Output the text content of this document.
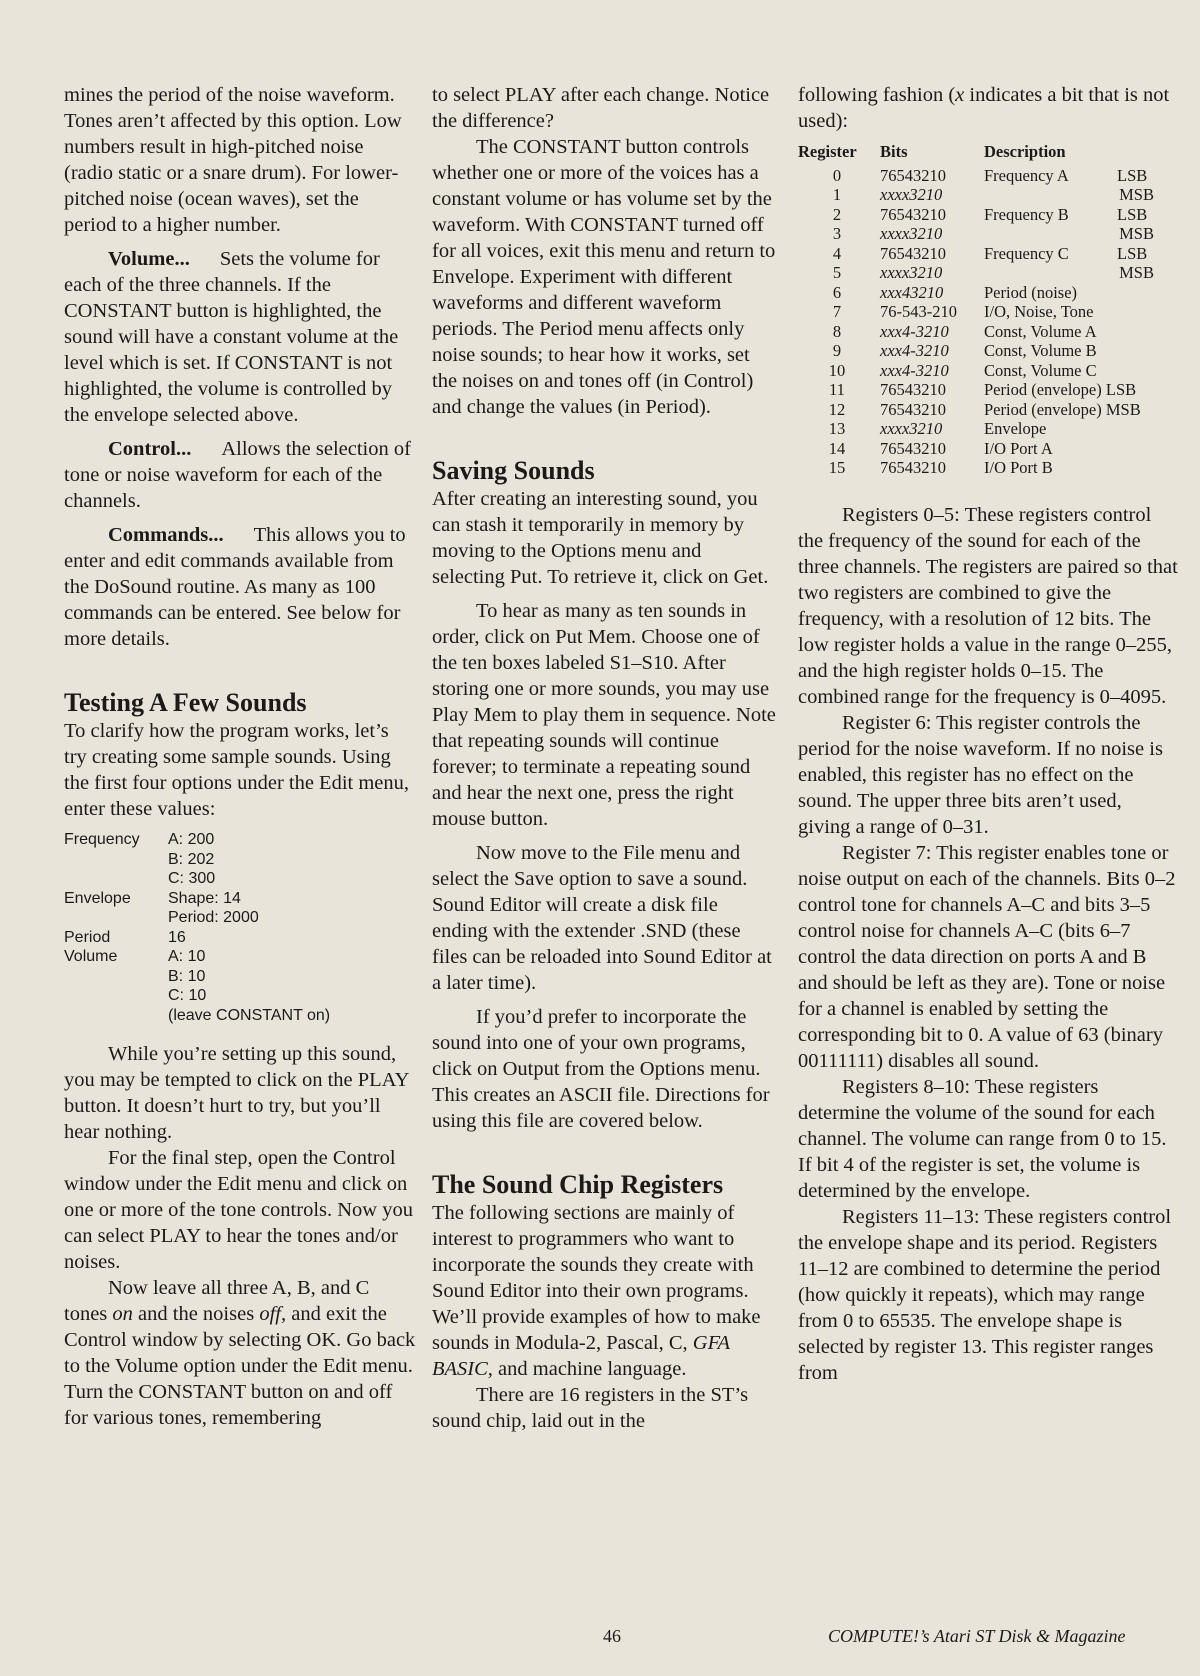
mines the period of the noise waveform. Tones aren’t affected by this option. Low numbers result in high-pitched noise (radio static or a snare drum). For lower-pitched noise (ocean waves), set the period to a higher number.

Volume... Sets the volume for each of the three channels. If the CONSTANT button is highlighted, the sound will have a constant volume at the level which is set. If CONSTANT is not highlighted, the volume is controlled by the envelope selected above.

Control... Allows the selection of tone or noise waveform for each of the channels.

Commands... This allows you to enter and edit commands available from the DoSound routine. As many as 100 commands can be entered. See below for more details.

Testing A Few Sounds

To clarify how the program works, let’s try creating some sample sounds. Using the first four options under the Edit menu, enter these values:

Frequency	A: 200
	B: 202
	C: 300
Envelope	Shape: 14
	Period: 2000
Period	16
Volume	A: 10
	B: 10
	C: 10
	(leave CONSTANT on)

While you’re setting up this sound, you may be tempted to click on the PLAY button. It doesn’t hurt to try, but you’ll hear nothing.

For the final step, open the Control window under the Edit menu and click on one or more of the tone controls. Now you can select PLAY to hear the tones and/or noises.

Now leave all three A, B, and C tones on and the noises off, and exit the Control window by selecting OK. Go back to the Volume option under the Edit menu. Turn the CONSTANT button on and off for various tones, remembering

to select PLAY after each change. Notice the difference?

The CONSTANT button controls whether one or more of the voices has a constant volume or has volume set by the waveform. With CONSTANT turned off for all voices, exit this menu and return to Envelope. Experiment with different waveforms and different waveform periods. The Period menu affects only noise sounds; to hear how it works, set the noises on and tones off (in Control) and change the values (in Period).

Saving Sounds

After creating an interesting sound, you can stash it temporarily in memory by moving to the Options menu and selecting Put. To retrieve it, click on Get.

To hear as many as ten sounds in order, click on Put Mem. Choose one of the ten boxes labeled S1–S10. After storing one or more sounds, you may use Play Mem to play them in sequence. Note that repeating sounds will continue forever; to terminate a repeating sound and hear the next one, press the right mouse button.

Now move to the File menu and select the Save option to save a sound. Sound Editor will create a disk file ending with the extender .SND (these files can be reloaded into Sound Editor at a later time).

If you’d prefer to incorporate the sound into one of your own programs, click on Output from the Options menu. This creates an ASCII file. Directions for using this file are covered below.

The Sound Chip Registers

The following sections are mainly of interest to programmers who want to incorporate the sounds they create with Sound Editor into their own programs. We’ll provide examples of how to make sounds in Modula-2, Pascal, C, GFA BASIC, and machine language.

There are 16 registers in the ST’s sound chip, laid out in the

following fashion (x indicates a bit that is not used):

Register	Bits	Description
0	76543210	Frequency A LSB

1	xxxx3210	MSB

2	76543210	Frequency B LSB

3	xxxx3210	MSB

4	76543210	Frequency C LSB

5	xxxx3210	MSB

6	xxx43210	Period (noise)
7	76-543-210	I/O, Noise, Tone
8	xxx4-3210	Const, Volume A
9	xxx4-3210	Const, Volume B
10	xxx4-3210	Const, Volume C
11	76543210	Period (envelope) LSB
12	76543210	Period (envelope) MSB
13	xxxx3210	Envelope
14	76543210	I/O Port A
15	76543210	I/O Port B

Registers 0–5: These registers control the frequency of the sound for each of the three channels. The registers are paired so that two registers are combined to give the frequency, with a resolution of 12 bits. The low register holds a value in the range 0–255, and the high register holds 0–15. The combined range for the frequency is 0–4095.

Register 6: This register controls the period for the noise waveform. If no noise is enabled, this register has no effect on the sound. The upper three bits aren’t used, giving a range of 0–31.

Register 7: This register enables tone or noise output on each of the channels. Bits 0–2 control tone for channels A–C and bits 3–5 control noise for channels A–C (bits 6–7 control the data direction on ports A and B and should be left as they are). Tone or noise for a channel is enabled by setting the corresponding bit to 0. A value of 63 (binary 00111111) disables all sound.

Registers 8–10: These registers determine the volume of the sound for each channel. The volume can range from 0 to 15. If bit 4 of the register is set, the volume is determined by the envelope.

Registers 11–13: These registers control the envelope shape and its period. Registers 11–12 are combined to determine the period (how quickly it repeats), which may range from 0 to 65535. The envelope shape is selected by register 13. This register ranges from

46	COMPUTE!’s Atari ST Disk & Magazine
